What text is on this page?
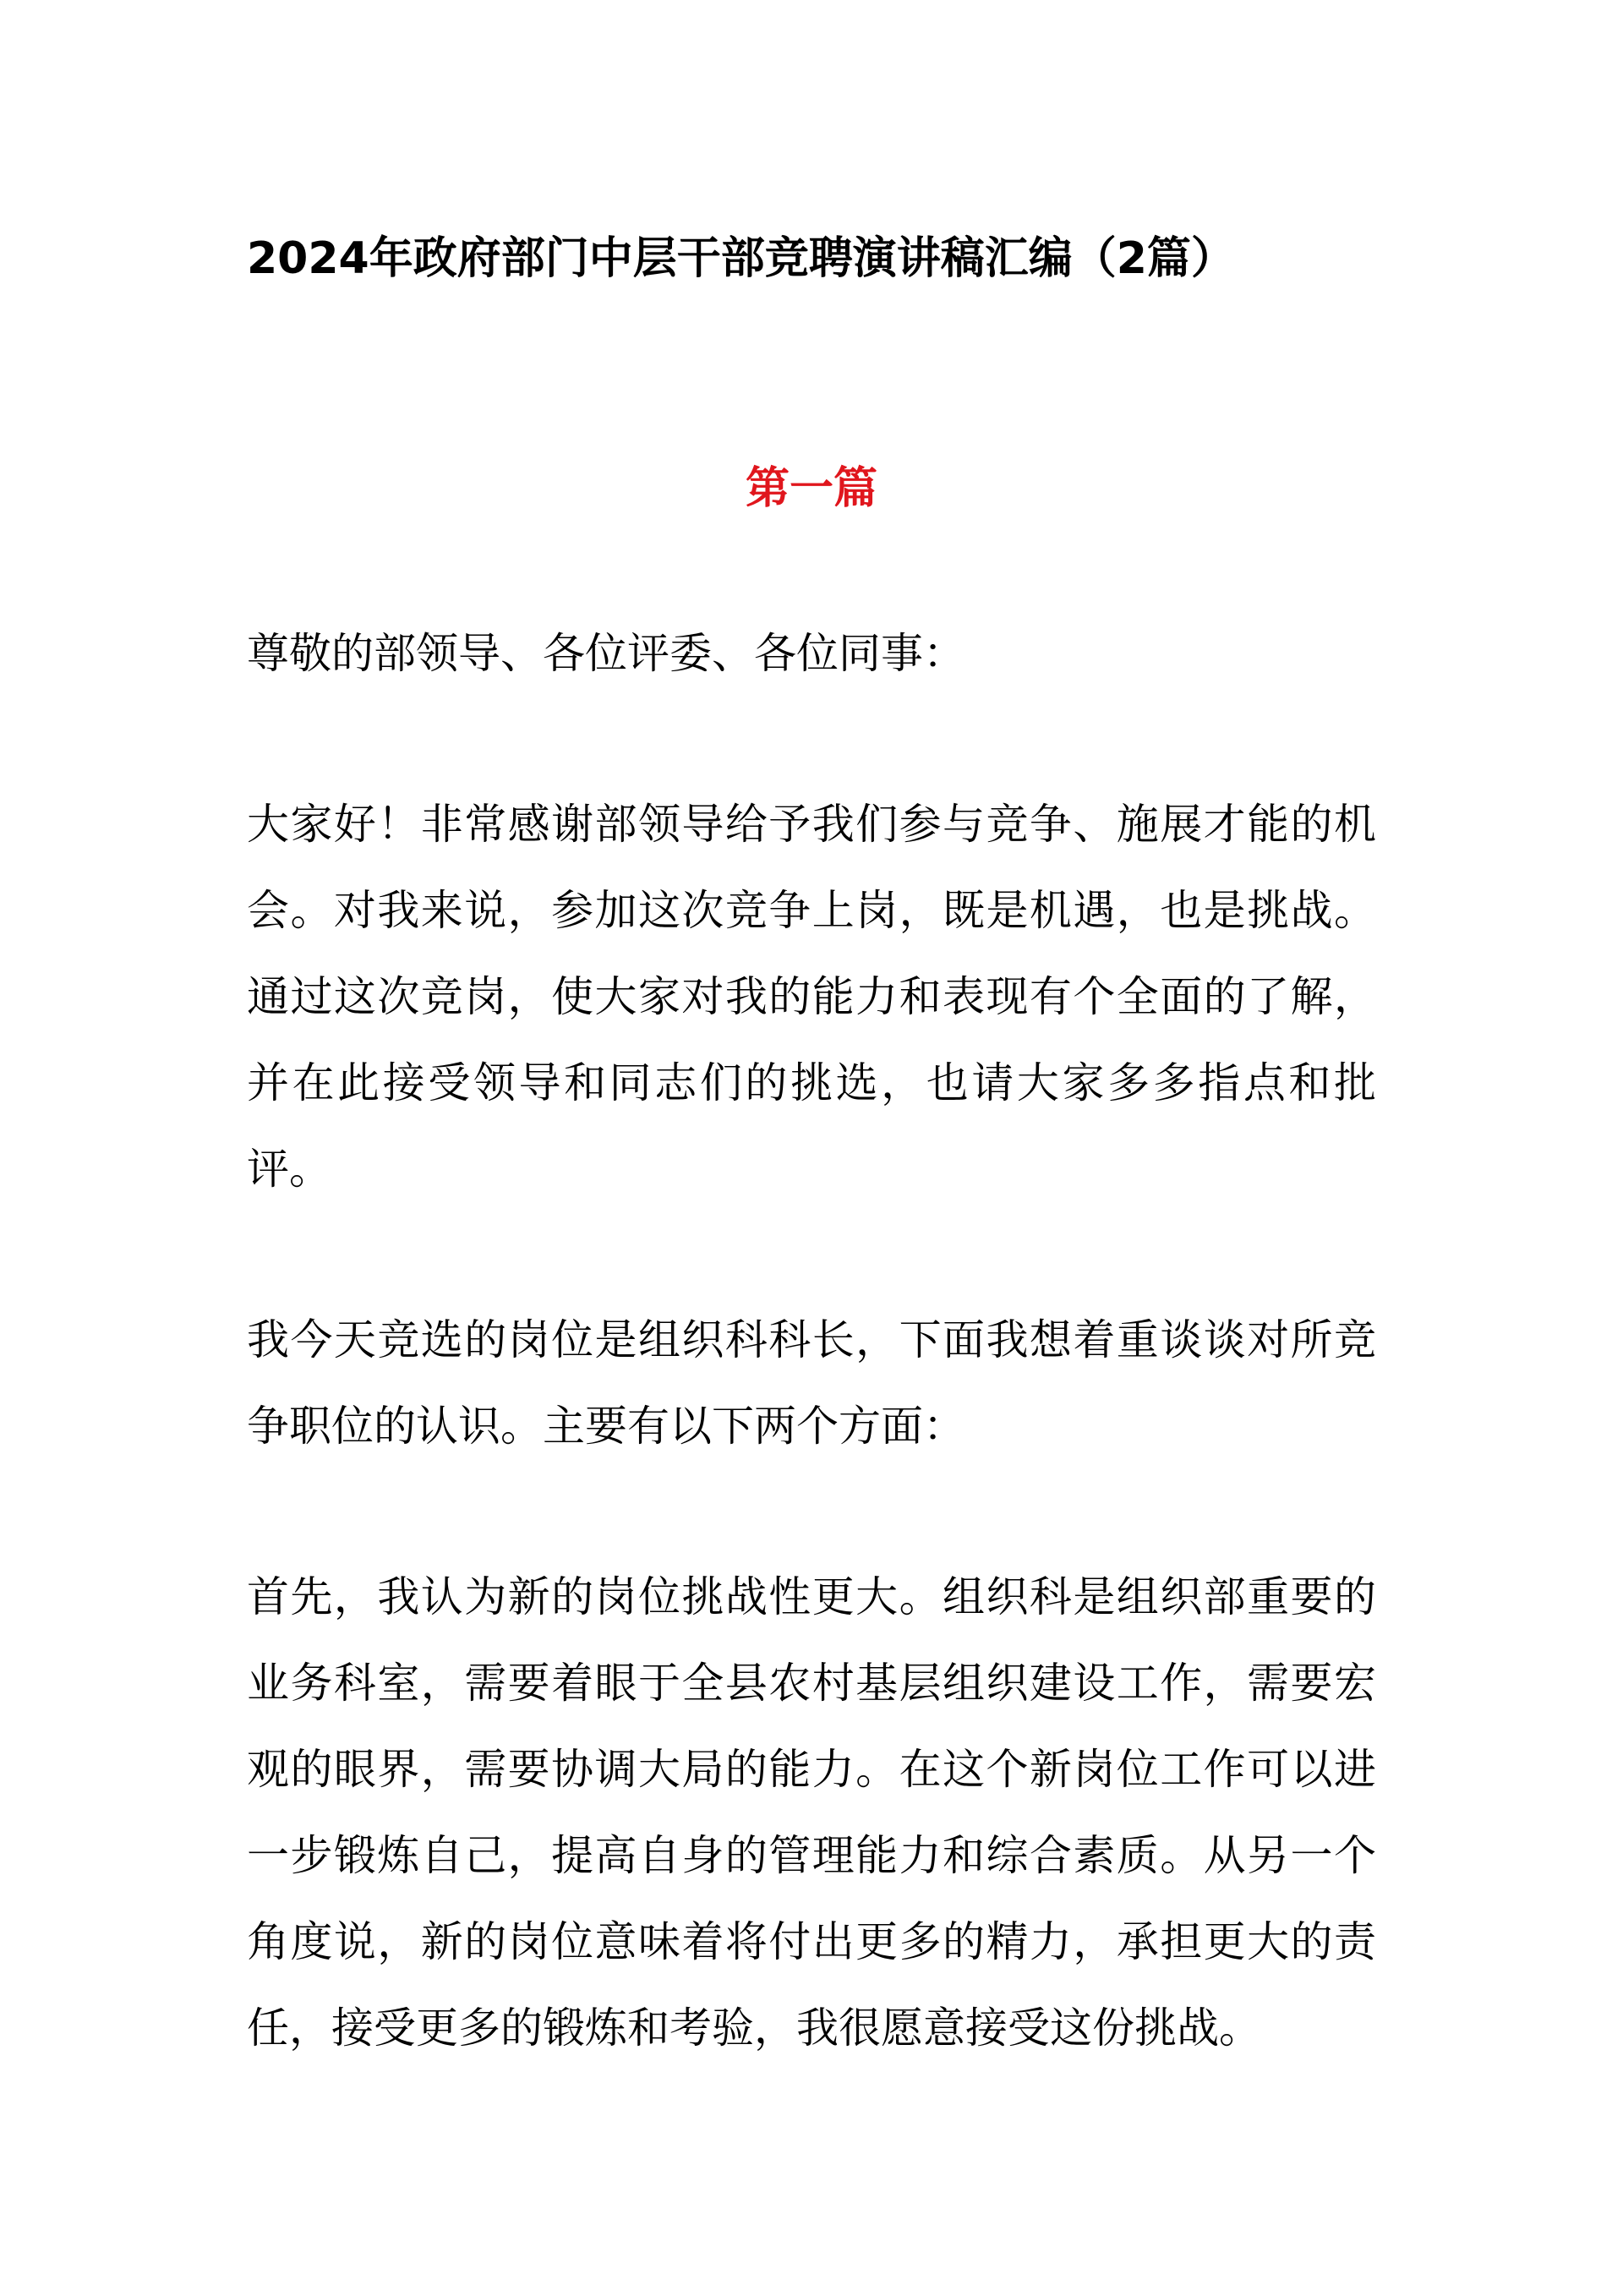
2024年政府部门中层干部竞聘演讲稿汇编（2篇）
第一篇

尊敬的部领导、各位评委、各位同事：

大家好！非常感谢部领导给予我们参与竞争、施展才能的机会。对我来说，参加这次竞争上岗，既是机遇，也是挑战。通过这次竞岗，使大家对我的能力和表现有个全面的了解，并在此接受领导和同志们的挑选，也请大家多多指点和批评。

我今天竞选的岗位是组织科科长，下面我想着重谈谈对所竞争职位的认识。主要有以下两个方面：

首先，我认为新的岗位挑战性更大。组织科是组织部重要的业务科室，需要着眼于全县农村基层组织建设工作，需要宏观的眼界，需要协调大局的能力。在这个新岗位工作可以进一步锻炼自己，提高自身的管理能力和综合素质。从另一个角度说，新的岗位意味着将付出更多的精力，承担更大的责任，接受更多的锻炼和考验，我很愿意接受这份挑战。
